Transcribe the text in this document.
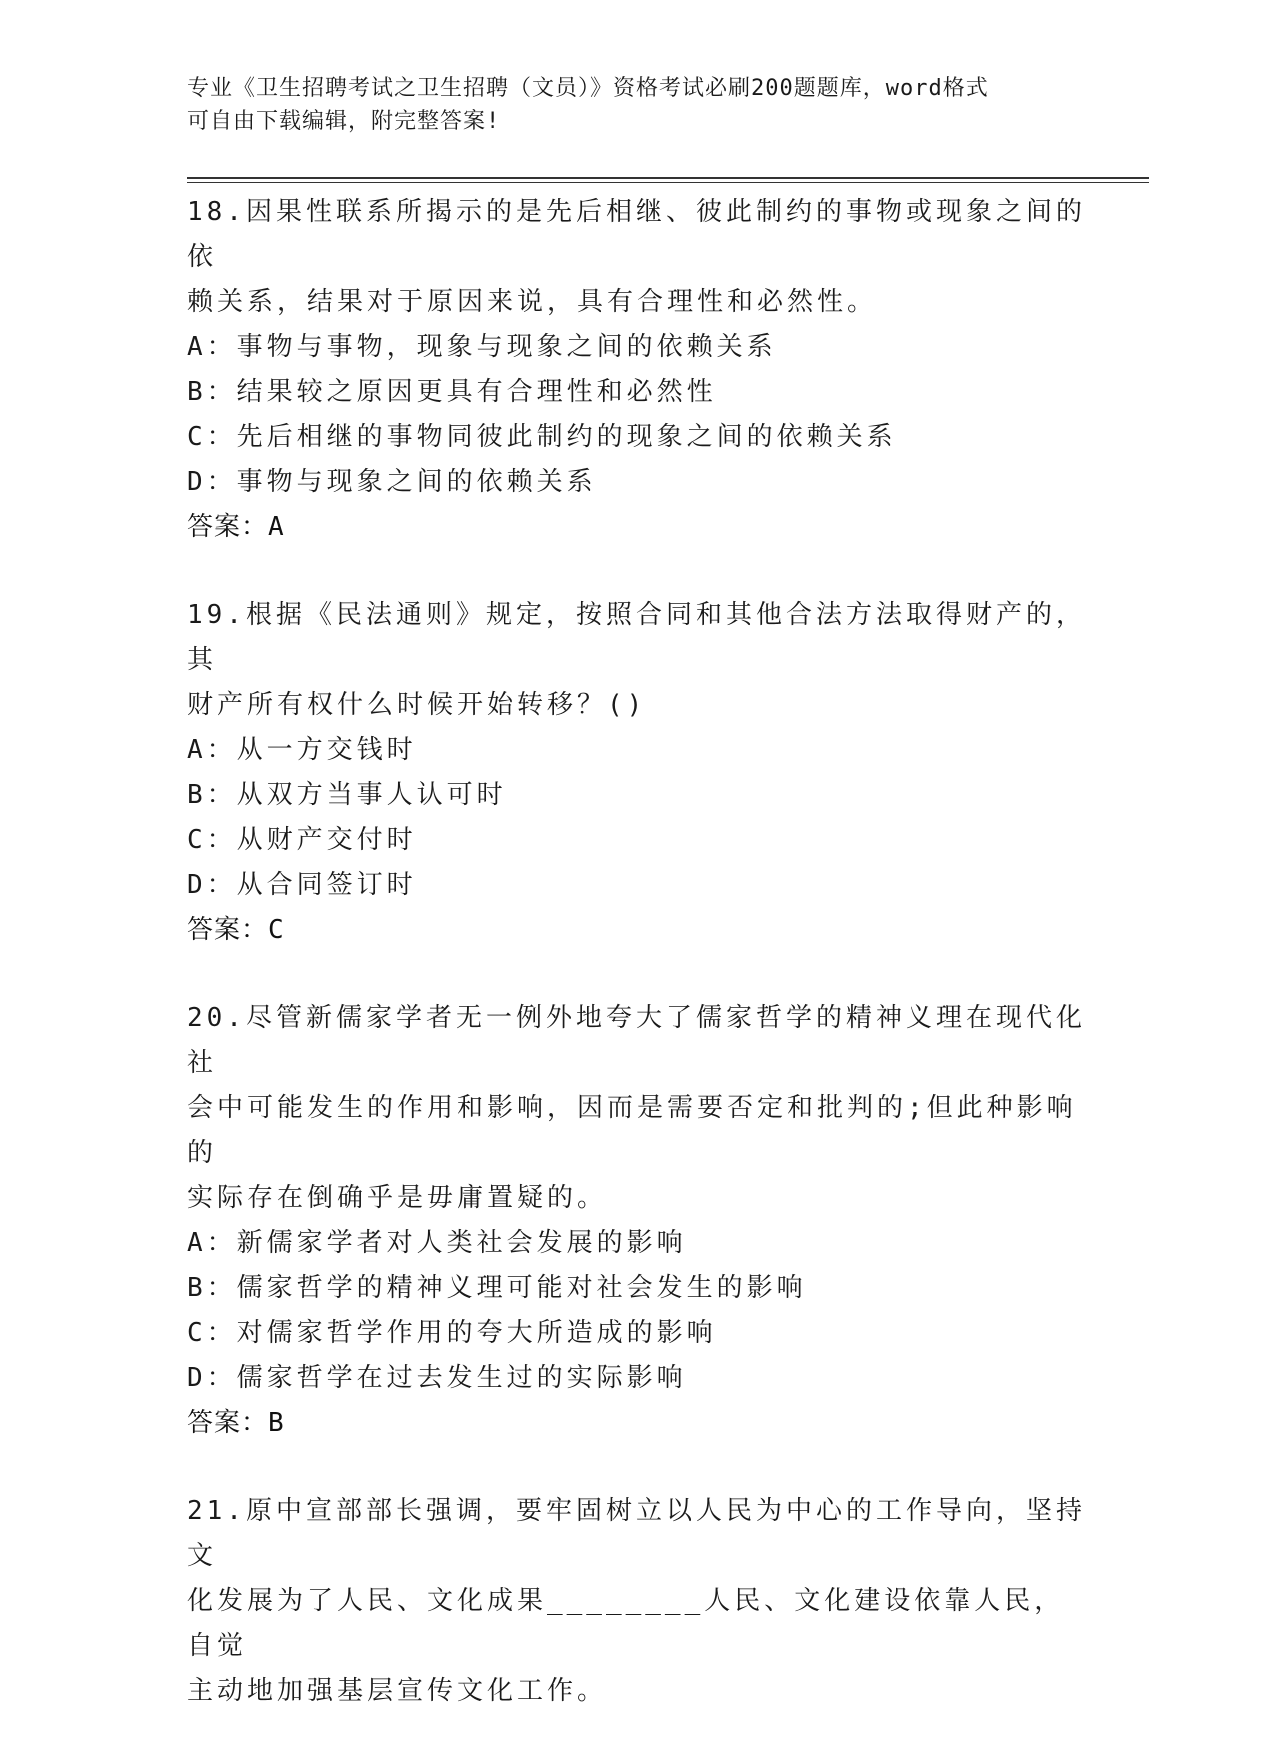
专业《卫生招聘考试之卫生招聘（文员）》资格考试必刷200题题库，word格式
可自由下载编辑，附完整答案!

18.因果性联系所揭示的是先后相继、彼此制约的事物或现象之间的依

赖关系，结果对于原因来说，具有合理性和必然性。

A：事物与事物，现象与现象之间的依赖关系

B：结果较之原因更具有合理性和必然性

C：先后相继的事物同彼此制约的现象之间的依赖关系

D：事物与现象之间的依赖关系

答案：A

19.根据《民法通则》规定，按照合同和其他合法方法取得财产的，其

财产所有权什么时候开始转移？()

A：从一方交钱时

B：从双方当事人认可时

C：从财产交付时

D：从合同签订时

答案：C

20.尽管新儒家学者无一例外地夸大了儒家哲学的精神义理在现代化社

会中可能发生的作用和影响，因而是需要否定和批判的;但此种影响的

实际存在倒确乎是毋庸置疑的。

A：新儒家学者对人类社会发展的影响

B：儒家哲学的精神义理可能对社会发生的影响

C：对儒家哲学作用的夸大所造成的影响

D：儒家哲学在过去发生过的实际影响

答案：B

21.原中宣部部长强调，要牢固树立以人民为中心的工作导向，坚持文

化发展为了人民、文化成果________人民、文化建设依靠人民，自觉

主动地加强基层宣传文化工作。
